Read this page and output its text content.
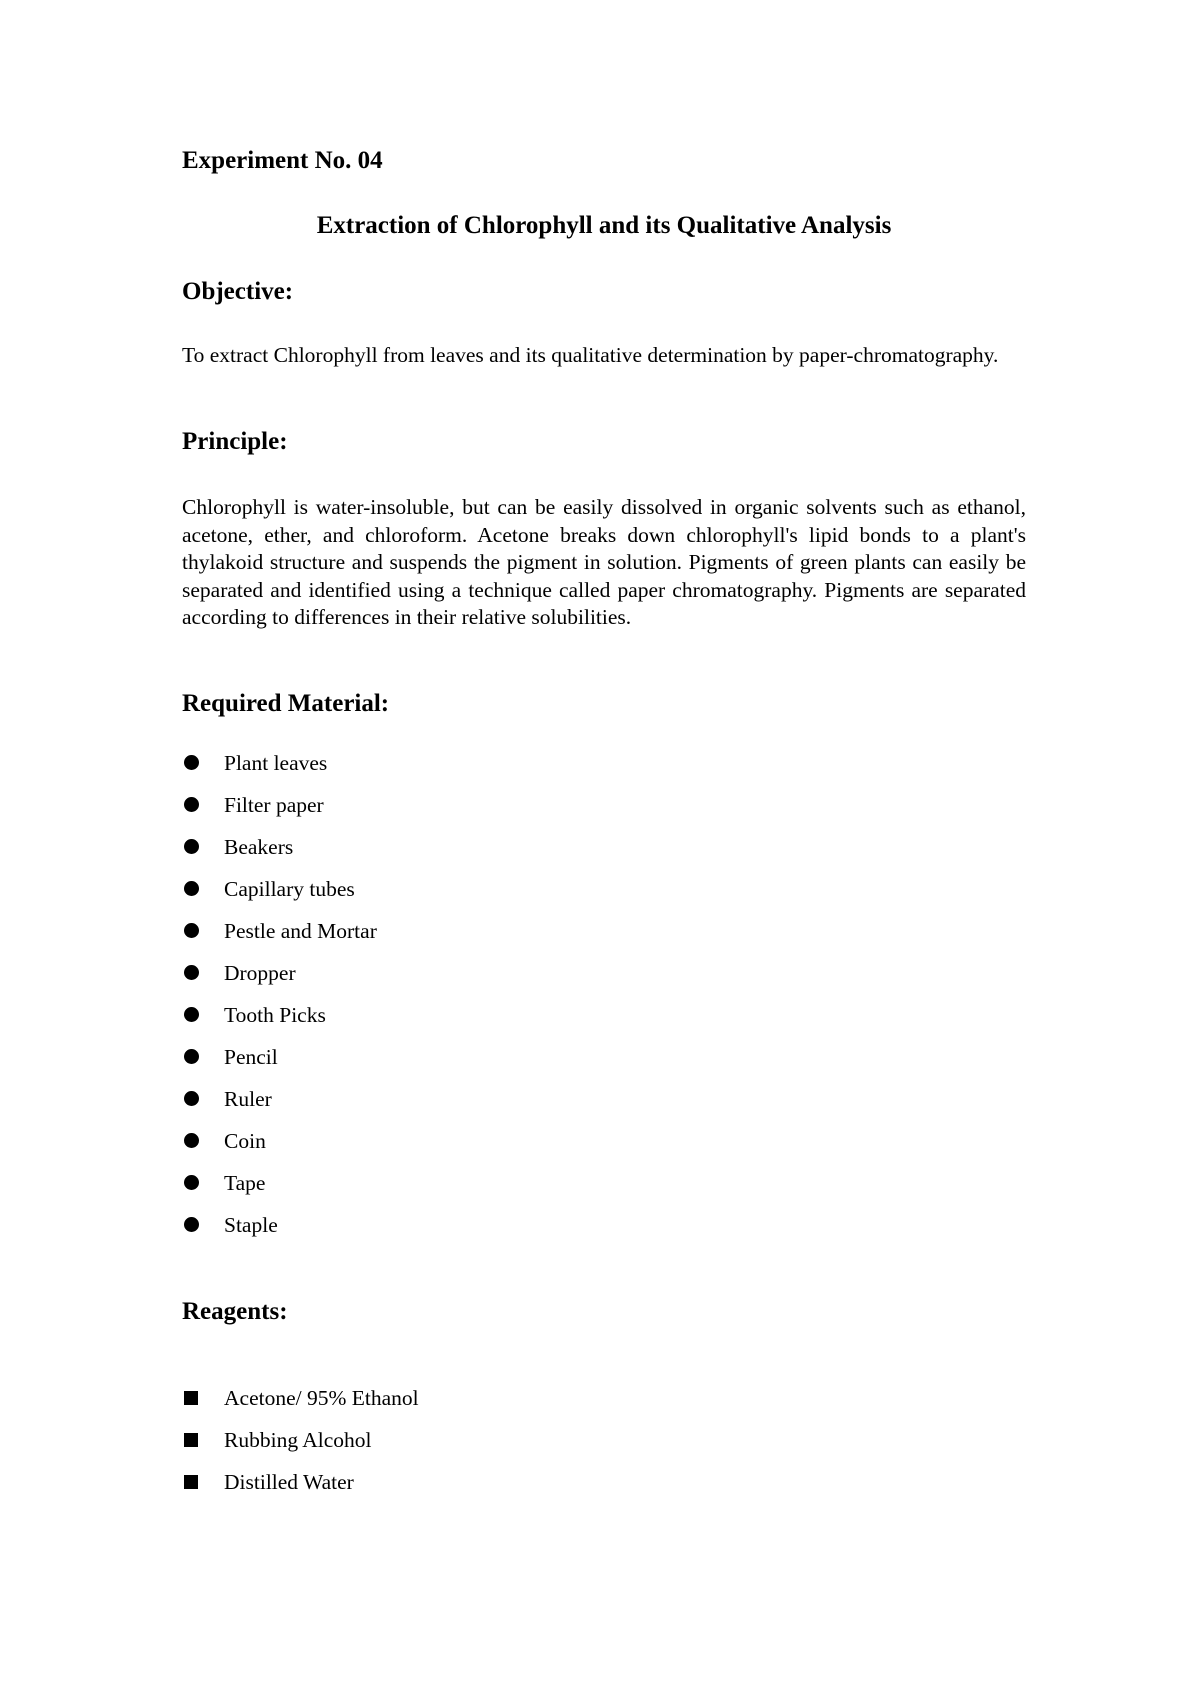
Experiment No. 04
Extraction of Chlorophyll and its Qualitative Analysis
Objective:

To extract Chlorophyll from leaves and its qualitative determination by paper-chromatography.

Principle:

Chlorophyll is water-insoluble, but can be easily dissolved in organic solvents such as ethanol, acetone, ether, and chloroform. Acetone breaks down chlorophyll's lipid bonds to a plant's thylakoid structure and suspends the pigment in solution. Pigments of green plants can easily be separated and identified using a technique called paper chromatography. Pigments are separated according to differences in their relative solubilities.

Required Material:
Plant leaves
Filter paper
Beakers
Capillary tubes
Pestle and Mortar
Dropper
Tooth Picks
Pencil
Ruler
Coin
Tape
Staple
Reagents:
Acetone/ 95% Ethanol
Rubbing Alcohol
Distilled Water
